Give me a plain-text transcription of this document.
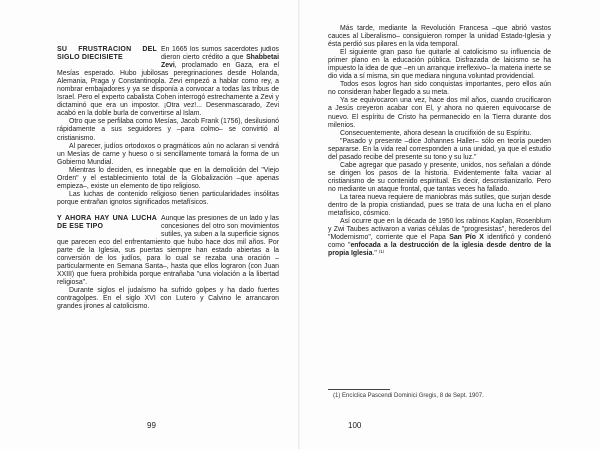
SU FRUSTRACION DEL SIGLO DIECISIETE

En 1665 los sumos sacerdotes judíos dieron cierto crédito a que Shabbetai Zevi, proclamado en Gaza, era el Mesías esperado. Hubo jubilosas peregrinaciones desde Holanda, Alemania, Praga y Constantinopla. Zevi empezó a hablar como rey, a nombrar embajadores y ya se disponía a convocar a todas las tribus de Israel. Pero el experto cabalista Cohen interrogó estrechamente a Zevi y dictaminó que era un impostor. ¡Otra vez!... Desenmascarado, Zevi acabó en la doble burla de convertirse al Islam.

Otro que se perfilaba como Mesías, Jacob Frank (1756), desilusionó rápidamente a sus seguidores y –para colmo– se convirtió al cristianismo.

Al parecer, judíos ortodoxos o pragmáticos aún no aclaran si vendrá un Mesías de carne y hueso o si sencillamente tomará la forma de un Gobierno Mundial.

Mientras lo deciden, es innegable que en la demolición del "Viejo Orden" y el establecimiento total de la Globalización –que apenas empieza–, existe un elemento de tipo religioso.

Las luchas de contenido religioso tienen particularidades insólitas porque entrañan ignotos significados metafísicos.

Y AHORA HAY UNA LUCHA DE ESE TIPO

Aunque las presiones de un lado y las concesiones del otro son movimientos sutiles, ya suben a la superficie signos que parecen eco del enfrentamiento que hubo hace dos mil años. Por parte de la Iglesia, sus puertas siempre han estado abiertas a la conversión de los judíos, para lo cual se rezaba una oración –particularmente en Semana Santa–, hasta que ellos lograron (con Juan XXIII) que fuera prohibida porque entrañaba "una violación a la libertad religiosa".

Durante siglos el judaísmo ha sufrido golpes y ha dado fuertes contragolpes. En el siglo XVI con Lutero y Calvino le arrancaron grandes jirones al catolicismo.

99

Más tarde, mediante la Revolución Francesa –que abrió vastos cauces al Liberalismo– consiguieron romper la unidad Estado-Iglesia y ésta perdió sus pilares en la vida temporal.

El siguiente gran paso fue quitarle al catolicismo su influencia de primer plano en la educación pública. Disfrazada de laicismo se ha impuesto la idea de que –en un arranque irreflexivo– la materia inerte se dio vida a sí misma, sin que mediara ninguna voluntad providencial.

Todos esos logros han sido conquistas importantes, pero ellos aún no consideran haber llegado a su meta.

Ya se equivocaron una vez, hace dos mil años, cuando crucificaron a Jesús creyeron acabar con El, y ahora no quieren equivocarse de nuevo. El espíritu de Cristo ha permanecido en la Tierra durante dos milenios.

Consecuentemente, ahora desean la crucifixión de su Espíritu.

"Pasado y presente –dice Johannes Haller– sólo en teoría pueden separarse. En la vida real corresponden a una unidad, ya que el estudio del pasado recibe del presente su tono y su luz."

Cabe agregar que pasado y presente, unidos, nos señalan a dónde se dirigen los pasos de la historia. Evidentemente falta vaciar al cristianismo de su contenido espiritual. Es decir, descristianizarlo. Pero no mediante un ataque frontal, que tantas veces ha fallado.

La tarea nueva requiere de maniobras más sutiles, que surjan desde dentro de la propia cristiandad, pues se trata de una lucha en el plano metafísico, cósmico.

Así ocurre que en la década de 1950 los rabinos Kaplan, Rosenblum y Zwi Taubes activaron a varias células de "progresistas", herederos del "Modernismo", corriente que el Papa San Pío X identificó y condenó como "enfocada a la destrucción de la iglesia desde dentro de la propia Iglesia." ⁽¹⁾

(1) Encíclica Pascendi Dominici Gregis, 8 de Sept. 1907.
100
